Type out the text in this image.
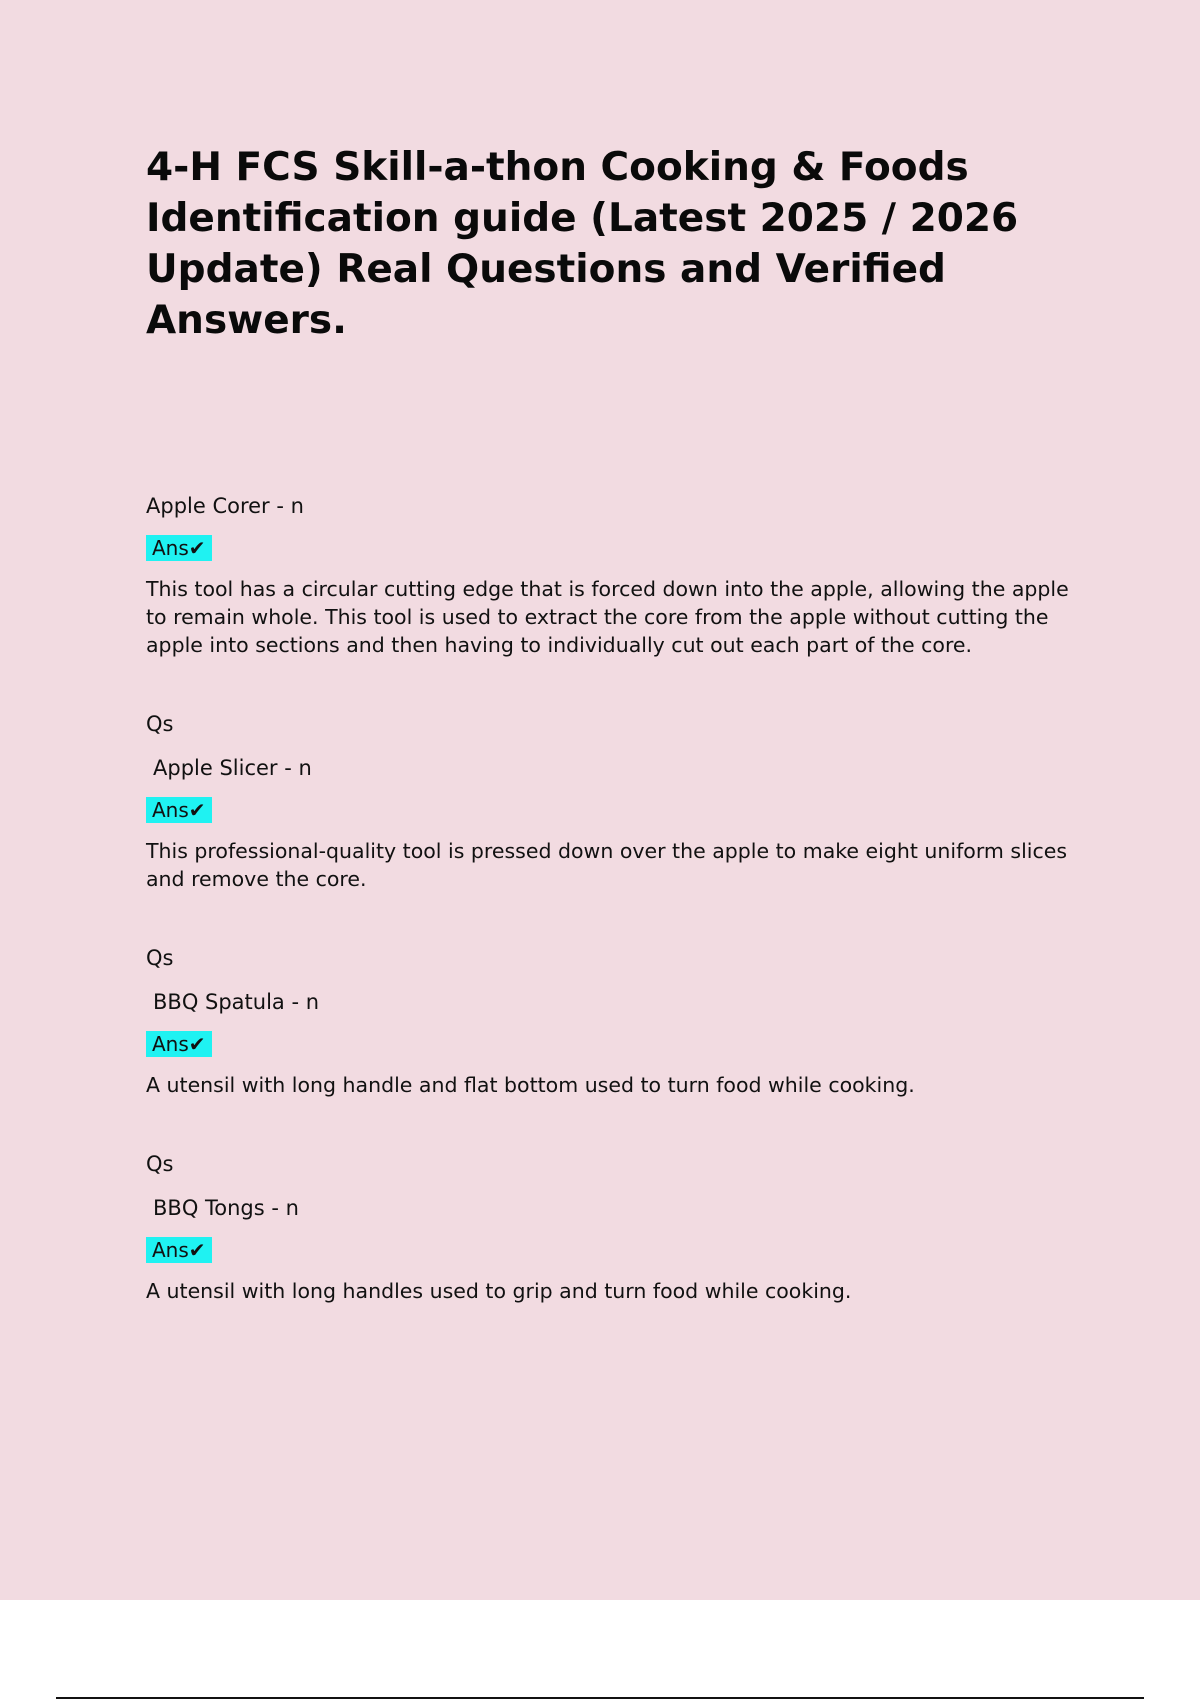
4-H FCS Skill-a-thon Cooking & Foods Identification guide (Latest 2025 / 2026 Update) Real Questions and Verified Answers.
Apple Corer - n
Ans✔

This tool has a circular cutting edge that is forced down into the apple, allowing the apple to remain whole. This tool is used to extract the core from the apple without cutting the apple into sections and then having to individually cut out each part of the core.

Qs
Apple Slicer - n
Ans✔

This professional-quality tool is pressed down over the apple to make eight uniform slices and remove the core.

Qs
BBQ Spatula - n
Ans✔

A utensil with long handle and flat bottom used to turn food while cooking.

Qs
BBQ Tongs - n
Ans✔

A utensil with long handles used to grip and turn food while cooking.
